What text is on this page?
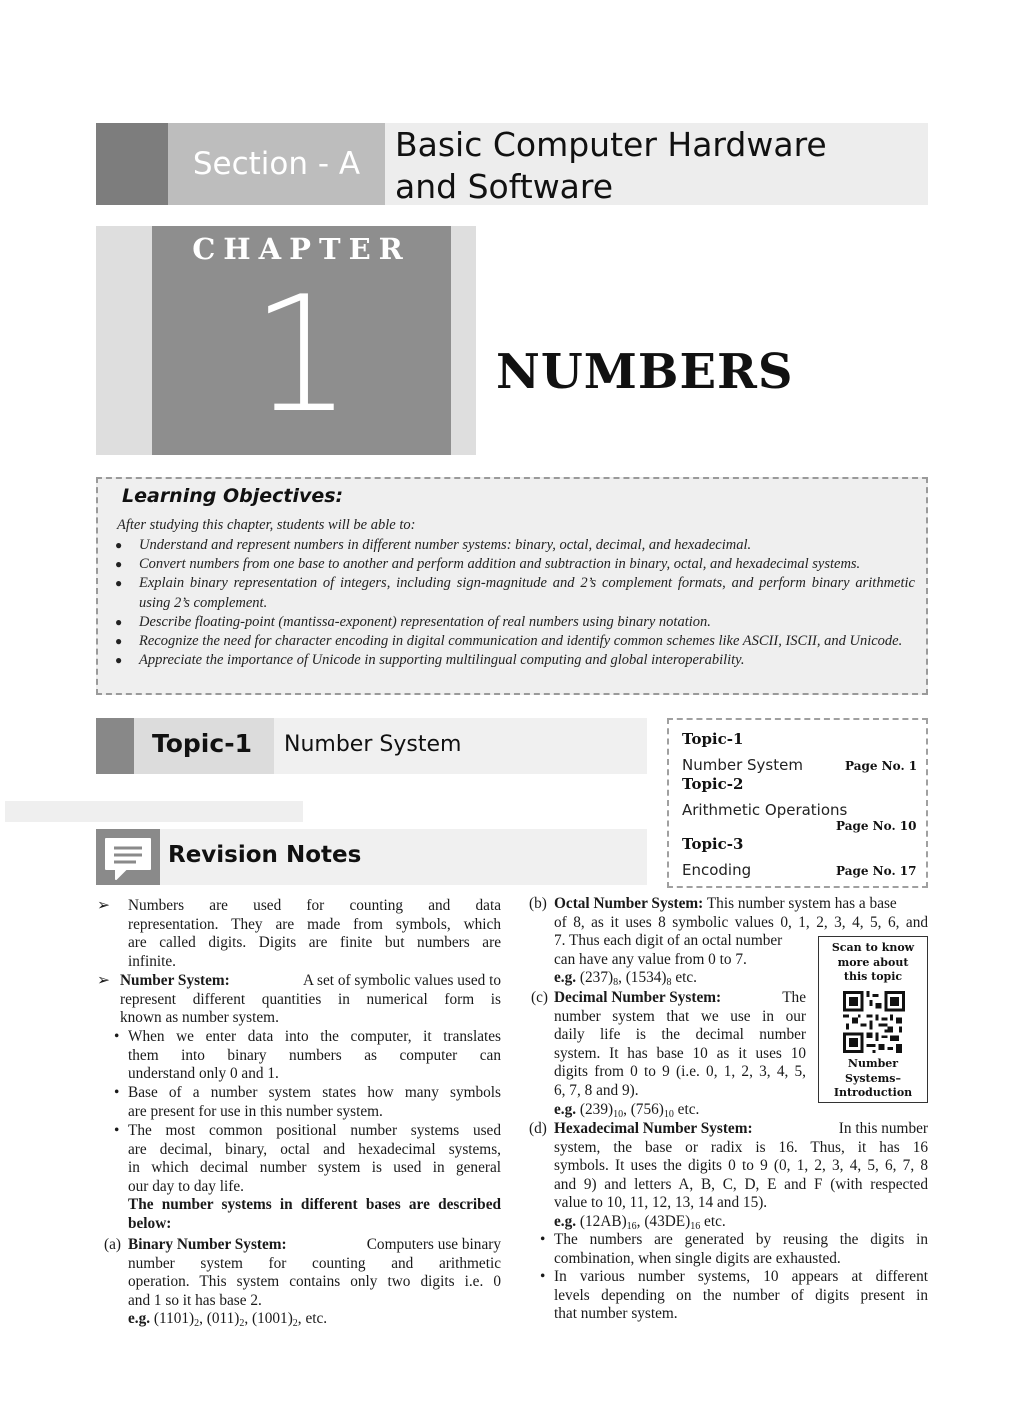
Section - A	Basic Computer Hardware
and Software
CHAPTER
1	NUMBERS
Learning Objectives:
After studying this chapter, students will be able to:
● Understand and represent numbers in different number systems: binary, octal, decimal, and hexadecimal.
● Convert numbers from one base to another and perform addition and subtraction in binary, octal, and hexadecimal systems.
● Explain binary representation of integers, including sign-magnitude and 2’s complement formats, and perform binary arithmetic using 2’s complement.
● Describe floating-point (mantissa-exponent) representation of real numbers using binary notation.
● Recognize the need for character encoding in digital communication and identify common schemes like ASCII, ISCII, and Unicode.
● Appreciate the importance of Unicode in supporting multilingual computing and global interoperability.
Topic-1 Number System
Revision Notes
Topic-1
Number System	Page No. 1
Topic-2
Arithmetic Operations
Page No. 10
Topic-3
Encoding	Page No. 17
➢ Numbers are used for counting and data
representation. They are made from symbols, which
are called digits. Digits are finite but numbers are
infinite.
➢ Number System:	A set of symbolic values used to
represent different quantities in numerical form is
known as number system.
• When we enter data into the computer, it translates
them into binary numbers as computer can
understand only 0 and 1.
• Base of a number system states how many symbols
are present for use in this number system.
• The most common positional number systems used
are decimal, binary, octal and hexadecimal systems,
in which decimal number system is used in general
our day to day life.
The number systems in different bases are described
below:
(a) Binary Number System:	Computers use binary
number system for counting and arithmetic
operation. This system contains only two digits i.e. 0
and 1 so it has base 2.
e.g. $(1101)_2$, $(011)_2$, $(1001)_2$, etc.
(b) Octal Number System: This number system has a base
of 8, as it uses 8 symbolic values 0, 1, 2, 3, 4, 5, 6, and
7. Thus each digit of an octal number
can have any value from 0 to 7.
e.g. $(237)_8$, $(1534)_8$ etc.
(c) Decimal Number System:	The
number system that we use in our
daily life is the decimal number
system. It has base 10 as it uses 10
digits from 0 to 9 (i.e. 0, 1, 2, 3, 4, 5,
6, 7, 8 and 9).
e.g. $(239)_{10}$, $(756)_{10}$ etc.
(d) Hexadecimal Number System:	In this number
system, the base or radix is 16. Thus, it has 16
symbols. It uses the digits 0 to 9 (0, 1, 2, 3, 4, 5, 6, 7, 8
and 9) and letters A, B, C, D, E and F (with respected
value to 10, 11, 12, 13, 14 and 15).
e.g. $(12AB)_{16}$, $(43DE)_{16}$ etc.
• The numbers are generated by reusing the digits in
combination, when single digits are exhausted.
• In various number systems, 10 appears at different
levels depending on the number of digits present in
that number system.
Scan to know
more about
this topic
Number
Systems–
Introduction
